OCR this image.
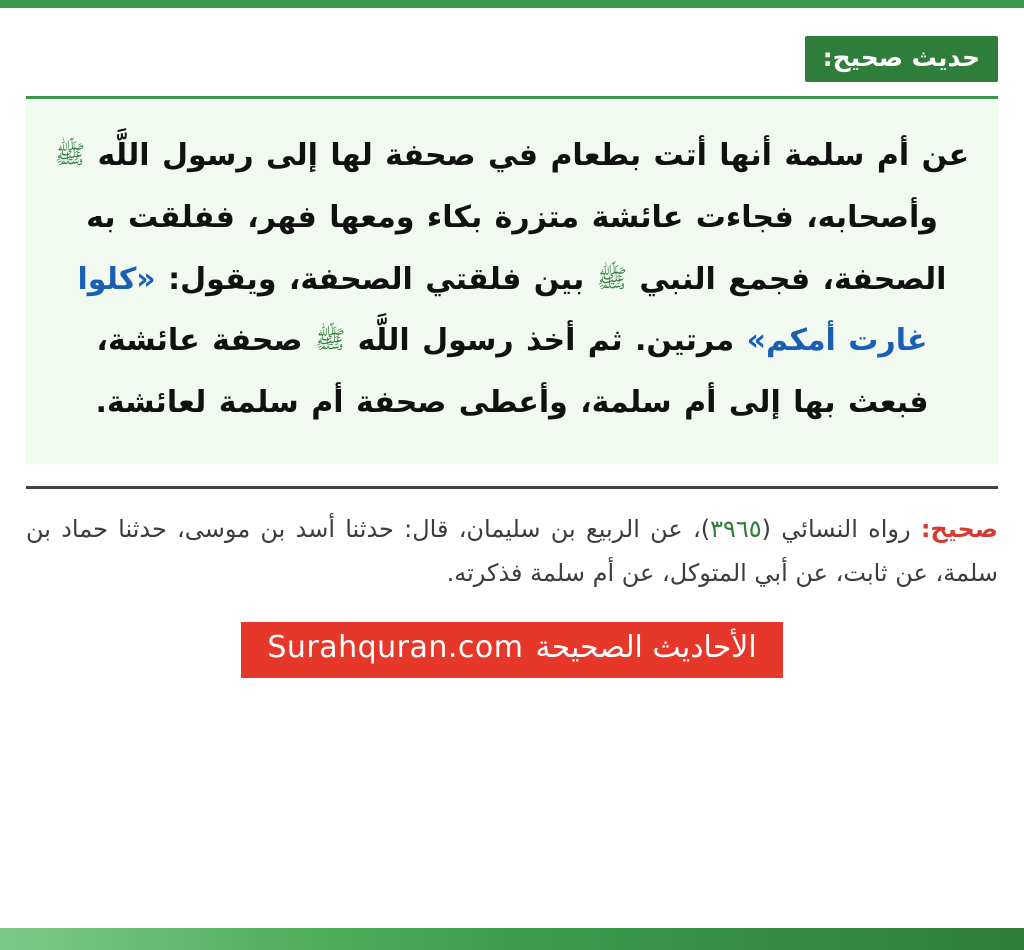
حديث صحيح:
عن أم سلمة أنها أتت بطعام في صحفة لها إلى رسول اللَّه ﷺ وأصحابه، فجاءت عائشة متزرة بكاء ومعها فهر، ففلقت به الصحفة، فجمع النبي ﷺ بين فلقتي الصحفة، ويقول: «كلوا غارت أمكم» مرتين. ثم أخذ رسول اللَّه ﷺ صحفة عائشة، فبعث بها إلى أم سلمة، وأعطى صحفة أم سلمة لعائشة.
صحيح: رواه النسائي (٣٩٦٥)، عن الربيع بن سليمان، قال: حدثنا أسد بن موسى، حدثنا حماد بن سلمة، عن ثابت، عن أبي المتوكل، عن أم سلمة فذكرته.
Surahquran.com الأحاديث الصحيحة
